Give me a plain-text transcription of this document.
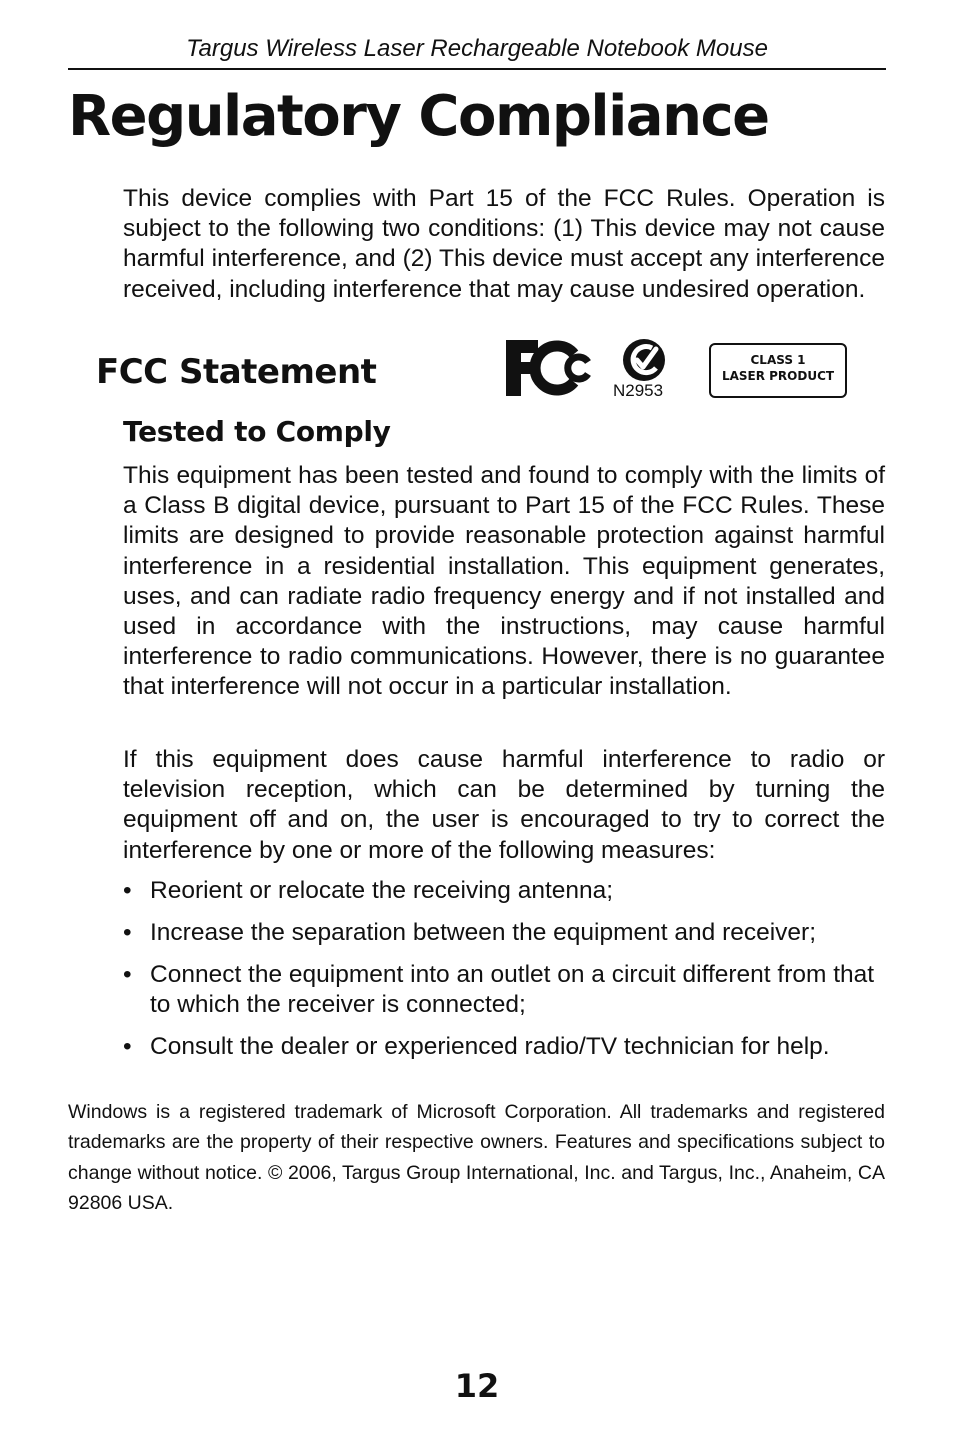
Targus Wireless Laser Rechargeable Notebook Mouse
Regulatory Compliance

This device complies with Part 15 of the FCC Rules. Operation is subject to the following two conditions: (1) This device may not cause harmful interference, and (2) This device must accept any interference received, including interference that may cause undesired operation.

FCC Statement	N2953
CLASS 1
LASER PRODUCT
Tested to Comply

This equipment has been tested and found to comply with the limits of a Class B digital device, pursuant to Part 15 of the FCC Rules. These limits are designed to provide reasonable protection against harmful interference in a residential installation. This equipment generates, uses, and can radiate radio frequency energy and if not installed and used in accordance with the instructions, may cause harmful interference to radio communications. However, there is no guarantee that interference will not occur in a particular installation.

If this equipment does cause harmful interference to radio or television reception, which can be determined by turning the equipment off and on, the user is encouraged to try to correct the interference by one or more of the following measures:

• Reorient or relocate the receiving antenna;
• Increase the separation between the equipment and receiver;
• Connect the equipment into an outlet on a circuit different from that to which the receiver is connected;
• Consult the dealer or experienced radio/TV technician for help.

Windows is a registered trademark of Microsoft Corporation. All trademarks and registered trademarks are the property of their respective owners. Features and specifications subject to change without notice. © 2006, Targus Group International, Inc. and Targus, Inc., Anaheim, CA 92806 USA.

12
